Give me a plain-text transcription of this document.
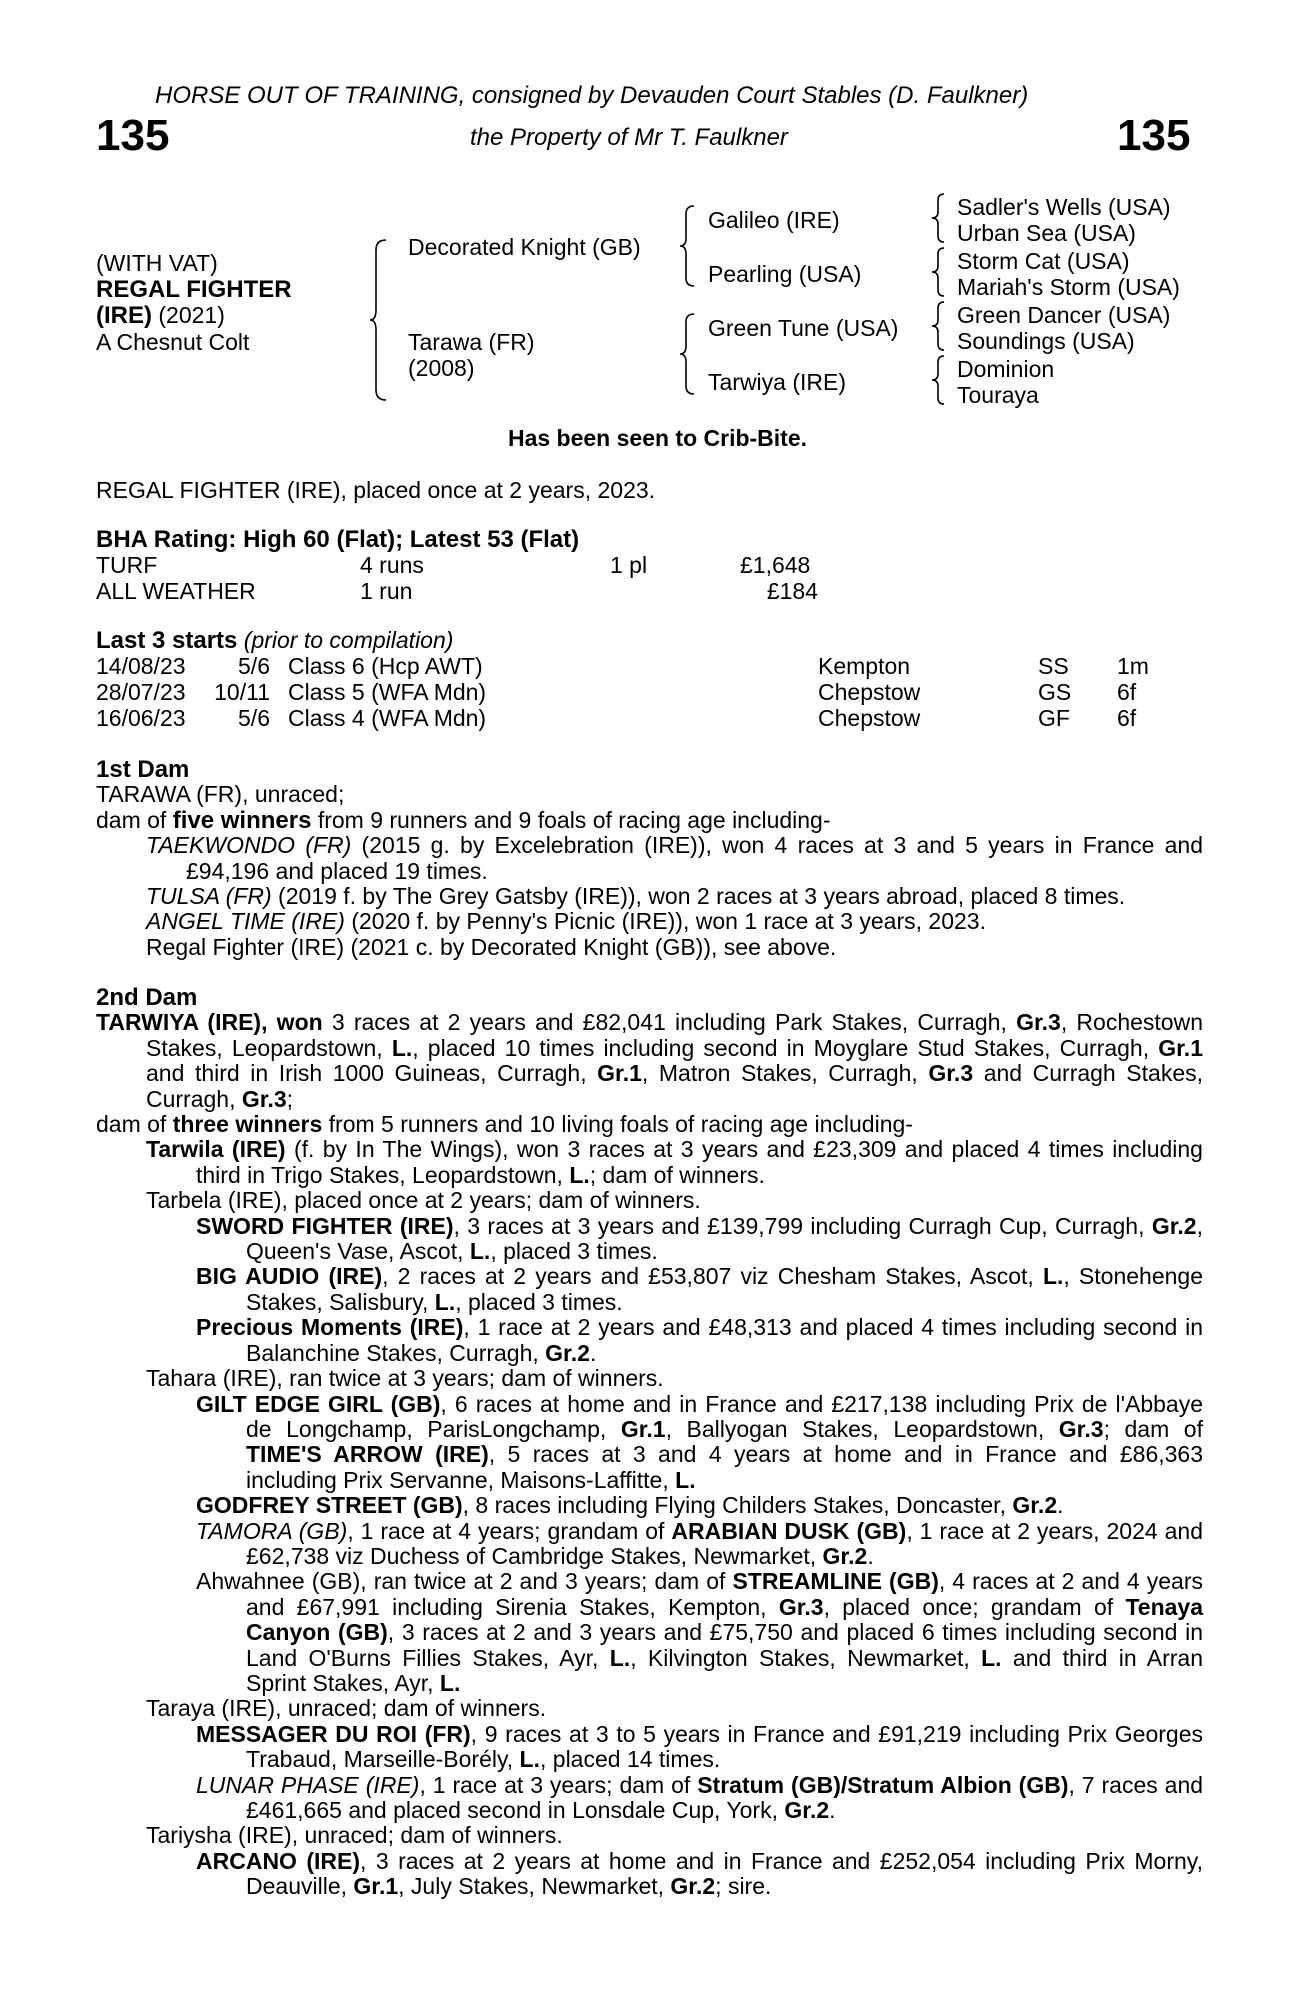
HORSE OUT OF TRAINING, consigned by Devauden Court Stables (D. Faulkner)
135	the Property of Mr T. Faulkner	135
(WITH VAT)
REGAL FIGHTER
(IRE) (2021)
A Chesnut Colt
Decorated Knight (GB)
Tarawa (FR)
(2008)
Galileo (IRE)
Pearling (USA)
Green Tune (USA)
Tarwiya (IRE)
Sadler's Wells (USA)
Urban Sea (USA)
Storm Cat (USA)
Mariah's Storm (USA)
Green Dancer (USA)
Soundings (USA)
Dominion
Touraya
Has been seen to Crib-Bite.
REGAL FIGHTER (IRE), placed once at 2 years, 2023.
BHA Rating: High 60 (Flat); Latest 53 (Flat)
TURF	4 runs	1 pl	£1,648
ALL WEATHER	1 run	£184
Last 3 starts (prior to compilation)
14/08/23	5/6 Class 6 (Hcp AWT)	Kempton	SS 1m
28/07/23	10/11 Class 5 (WFA Mdn)	Chepstow	GS 6f
16/06/23	5/6 Class 4 (WFA Mdn)	Chepstow	GF 6f

1st Dam

TARAWA (FR), unraced;

dam of five winners from 9 runners and 9 foals of racing age including-

TAEKWONDO (FR) (2015 g. by Excelebration (IRE)), won 4 races at 3 and 5 years in France and £94,196 and placed 19 times.

TULSA (FR) (2019 f. by The Grey Gatsby (IRE)), won 2 races at 3 years abroad, placed 8 times.

ANGEL TIME (IRE) (2020 f. by Penny's Picnic (IRE)), won 1 race at 3 years, 2023.

Regal Fighter (IRE) (2021 c. by Decorated Knight (GB)), see above.

2nd Dam

TARWIYA (IRE), won 3 races at 2 years and £82,041 including Park Stakes, Curragh, Gr.3, Rochestown Stakes, Leopardstown, L., placed 10 times including second in Moyglare Stud Stakes, Curragh, Gr.1 and third in Irish 1000 Guineas, Curragh, Gr.1, Matron Stakes, Curragh, Gr.3 and Curragh Stakes, Curragh, Gr.3;

dam of three winners from 5 runners and 10 living foals of racing age including-

Tarwila (IRE) (f. by In The Wings), won 3 races at 3 years and £23,309 and placed 4 times including third in Trigo Stakes, Leopardstown, L.; dam of winners.

Tarbela (IRE), placed once at 2 years; dam of winners.

SWORD FIGHTER (IRE), 3 races at 3 years and £139,799 including Curragh Cup, Curragh, Gr.2, Queen's Vase, Ascot, L., placed 3 times.

BIG AUDIO (IRE), 2 races at 2 years and £53,807 viz Chesham Stakes, Ascot, L., Stonehenge Stakes, Salisbury, L., placed 3 times.

Precious Moments (IRE), 1 race at 2 years and £48,313 and placed 4 times including second in Balanchine Stakes, Curragh, Gr.2.

Tahara (IRE), ran twice at 3 years; dam of winners.

GILT EDGE GIRL (GB), 6 races at home and in France and £217,138 including Prix de l'Abbaye de Longchamp, ParisLongchamp, Gr.1, Ballyogan Stakes, Leopardstown, Gr.3; dam of TIME'S ARROW (IRE), 5 races at 3 and 4 years at home and in France and £86,363 including Prix Servanne, Maisons-Laffitte, L.

GODFREY STREET (GB), 8 races including Flying Childers Stakes, Doncaster, Gr.2.

TAMORA (GB), 1 race at 4 years; grandam of ARABIAN DUSK (GB), 1 race at 2 years, 2024 and £62,738 viz Duchess of Cambridge Stakes, Newmarket, Gr.2.

Ahwahnee (GB), ran twice at 2 and 3 years; dam of STREAMLINE (GB), 4 races at 2 and 4 years and £67,991 including Sirenia Stakes, Kempton, Gr.3, placed once; grandam of Tenaya Canyon (GB), 3 races at 2 and 3 years and £75,750 and placed 6 times including second in Land O'Burns Fillies Stakes, Ayr, L., Kilvington Stakes, Newmarket, L. and third in Arran Sprint Stakes, Ayr, L.

Taraya (IRE), unraced; dam of winners.

MESSAGER DU ROI (FR), 9 races at 3 to 5 years in France and £91,219 including Prix Georges Trabaud, Marseille-Borély, L., placed 14 times.

LUNAR PHASE (IRE), 1 race at 3 years; dam of Stratum (GB)/Stratum Albion (GB), 7 races and £461,665 and placed second in Lonsdale Cup, York, Gr.2.

Tariysha (IRE), unraced; dam of winners.

ARCANO (IRE), 3 races at 2 years at home and in France and £252,054 including Prix Morny, Deauville, Gr.1, July Stakes, Newmarket, Gr.2; sire.
